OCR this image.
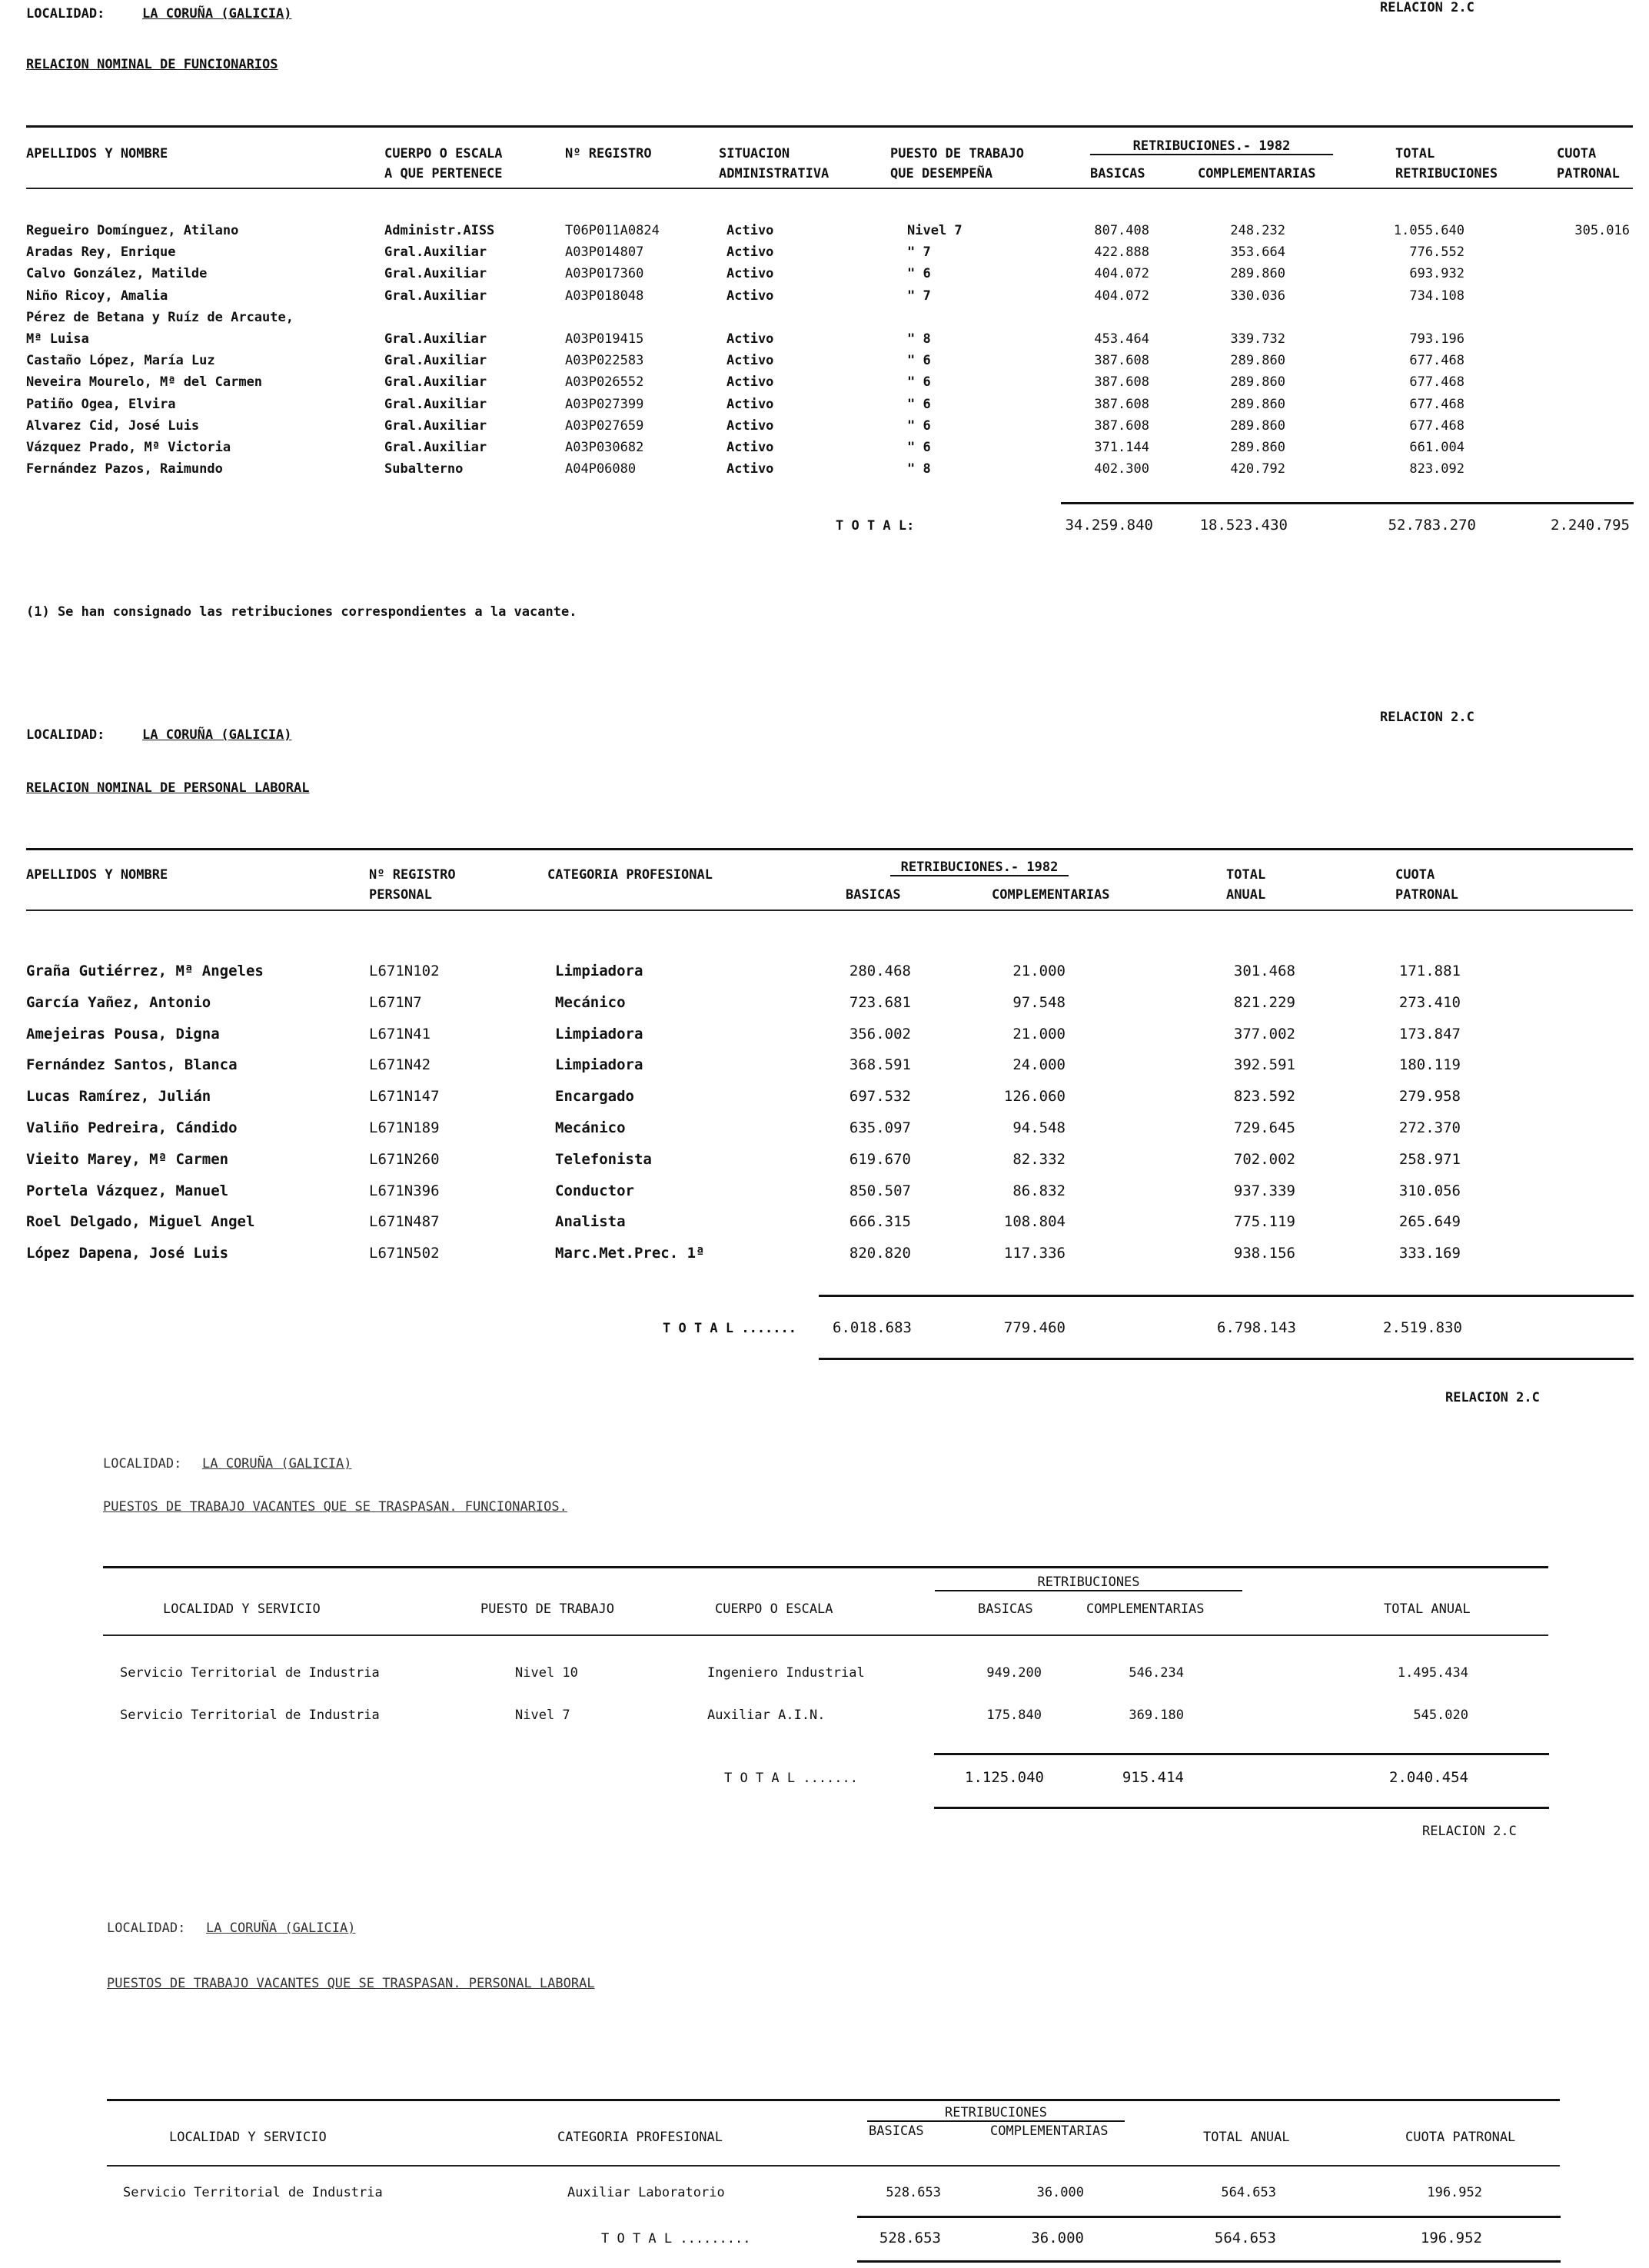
LOCALIDAD:	LA CORUÑA (GALICIA)	RELACION 2.C
RELACION NOMINAL DE FUNCIONARIOS
APELLIDOS Y NOMBRE	CUERPO O ESCALA
A QUE PERTENECE
Nº REGISTRO	SITUACION
ADMINISTRATIVA
PUESTO DE TRABAJO
QUE DESEMPEÑA
RETRIBUCIONES.- 1982
BASICAS	COMPLEMENTARIAS
TOTAL
RETRIBUCIONES
CUOTA
PATRONAL
Regueiro Domínguez, Atilano	Administr.AISS	T06P011A0824	Activo	Nivel 7	807.408	248.232	1.055.640	305.016
Aradas Rey, Enrique	Gral.Auxiliar	A03P014807	Activo	" 7	422.888	353.664	776.552
Calvo González, Matilde	Gral.Auxiliar	A03P017360	Activo	" 6	404.072	289.860	693.932
Niño Ricoy, Amalia	Gral.Auxiliar	A03P018048	Activo	" 7	404.072	330.036	734.108
Pérez de Betana y Ruíz de Arcaute,
Mª Luisa	Gral.Auxiliar	A03P019415	Activo	" 8	453.464	339.732	793.196
Castaño López, María Luz	Gral.Auxiliar	A03P022583	Activo	" 6	387.608	289.860	677.468
Neveira Mourelo, Mª del Carmen	Gral.Auxiliar	A03P026552	Activo	" 6	387.608	289.860	677.468
Patiño Ogea, Elvira	Gral.Auxiliar	A03P027399	Activo	" 6	387.608	289.860	677.468
Alvarez Cid, José Luis	Gral.Auxiliar	A03P027659	Activo	" 6	387.608	289.860	677.468
Vázquez Prado, Mª Victoria	Gral.Auxiliar	A03P030682	Activo	" 6	371.144	289.860	661.004
Fernández Pazos, Raimundo	Subalterno	A04P06080	Activo	" 8	402.300	420.792	823.092
T O T A L:	34.259.840	18.523.430	52.783.270	2.240.795
(1) Se han consignado las retribuciones correspondientes a la vacante.
RELACION 2.C
LOCALIDAD:	LA CORUÑA (GALICIA)
RELACION NOMINAL DE PERSONAL LABORAL
APELLIDOS Y NOMBRE	Nº REGISTRO
PERSONAL
CATEGORIA PROFESIONAL	RETRIBUCIONES.- 1982
BASICAS	COMPLEMENTARIAS
TOTAL
ANUAL
CUOTA
PATRONAL
Graña Gutiérrez, Mª Angeles	L671N102	Limpiadora	280.468	21.000	301.468	171.881
García Yañez, Antonio	L671N7	Mecánico	723.681	97.548	821.229	273.410
Amejeiras Pousa, Digna	L671N41	Limpiadora	356.002	21.000	377.002	173.847
Fernández Santos, Blanca	L671N42	Limpiadora	368.591	24.000	392.591	180.119
Lucas Ramírez, Julián	L671N147	Encargado	697.532	126.060	823.592	279.958
Valiño Pedreira, Cándido	L671N189	Mecánico	635.097	94.548	729.645	272.370
Vieito Marey, Mª Carmen	L671N260	Telefonista	619.670	82.332	702.002	258.971
Portela Vázquez, Manuel	L671N396	Conductor	850.507	86.832	937.339	310.056
Roel Delgado, Miguel Angel	L671N487	Analista	666.315	108.804	775.119	265.649
López Dapena, José Luis	L671N502	Marc.Met.Prec. 1ª	820.820	117.336	938.156	333.169
T O T A L .......	6.018.683	779.460	6.798.143	2.519.830
RELACION 2.C
LOCALIDAD: LA CORUÑA (GALICIA)
PUESTOS DE TRABAJO VACANTES QUE SE TRASPASAN. FUNCIONARIOS.
RETRIBUCIONES
LOCALIDAD Y SERVICIO	PUESTO DE TRABAJO	CUERPO O ESCALA	BASICAS	COMPLEMENTARIAS	TOTAL ANUAL
Servicio Territorial de Industria	Nivel 10	Ingeniero Industrial	949.200	546.234	1.495.434
Servicio Territorial de Industria	Nivel 7	Auxiliar A.I.N.	175.840	369.180	545.020
T O T A L .......	1.125.040	915.414	2.040.454
RELACION 2.C
LOCALIDAD: LA CORUÑA (GALICIA)
PUESTOS DE TRABAJO VACANTES QUE SE TRASPASAN. PERSONAL LABORAL
RETRIBUCIONES
LOCALIDAD Y SERVICIO	CATEGORIA PROFESIONAL	BASICAS	COMPLEMENTARIAS	TOTAL ANUAL	CUOTA PATRONAL
Servicio Territorial de Industria	Auxiliar Laboratorio	528.653	36.000	564.653	196.952
T O T A L .........	528.653	36.000	564.653	196.952
